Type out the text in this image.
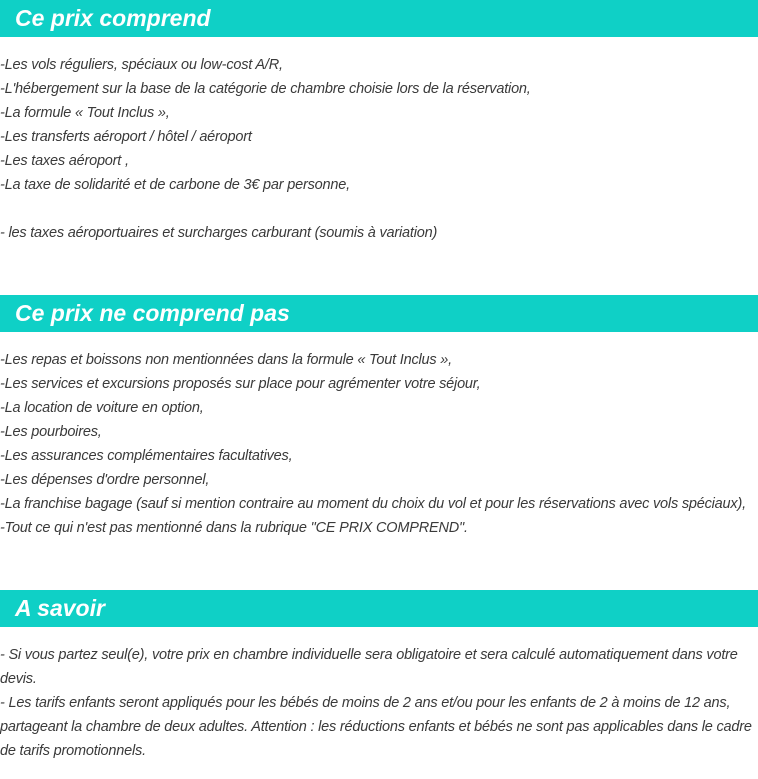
Ce prix comprend
-Les vols réguliers, spéciaux ou low-cost A/R,
-L'hébergement sur la base de la catégorie de chambre choisie lors de la réservation,
-La formule « Tout Inclus »,
-Les transferts aéroport / hôtel / aéroport
-Les taxes aéroport ,
-La taxe de solidarité et de carbone de 3€ par personne,
- les taxes aéroportuaires et surcharges carburant (soumis à variation)
Ce prix ne comprend pas
-Les repas et boissons non mentionnées dans la formule « Tout Inclus »,
-Les services et excursions proposés sur place pour agrémenter votre séjour,
-La location de voiture en option,
-Les pourboires,
-Les assurances complémentaires facultatives,
-Les dépenses d'ordre personnel,
-La franchise bagage (sauf si mention contraire au moment du choix du vol et pour les réservations avec vols spéciaux),
-Tout ce qui n'est pas mentionné dans la rubrique "CE PRIX COMPREND".
A savoir

- Si vous partez seul(e), votre prix en chambre individuelle sera obligatoire et sera calculé automatiquement dans votre devis.

- Les tarifs enfants seront appliqués pour les bébés de moins de 2 ans et/ou pour les enfants de 2 à moins de 12 ans, partageant la chambre de deux adultes. Attention : les réductions enfants et bébés ne sont pas applicables dans le cadre de tarifs promotionnels.
